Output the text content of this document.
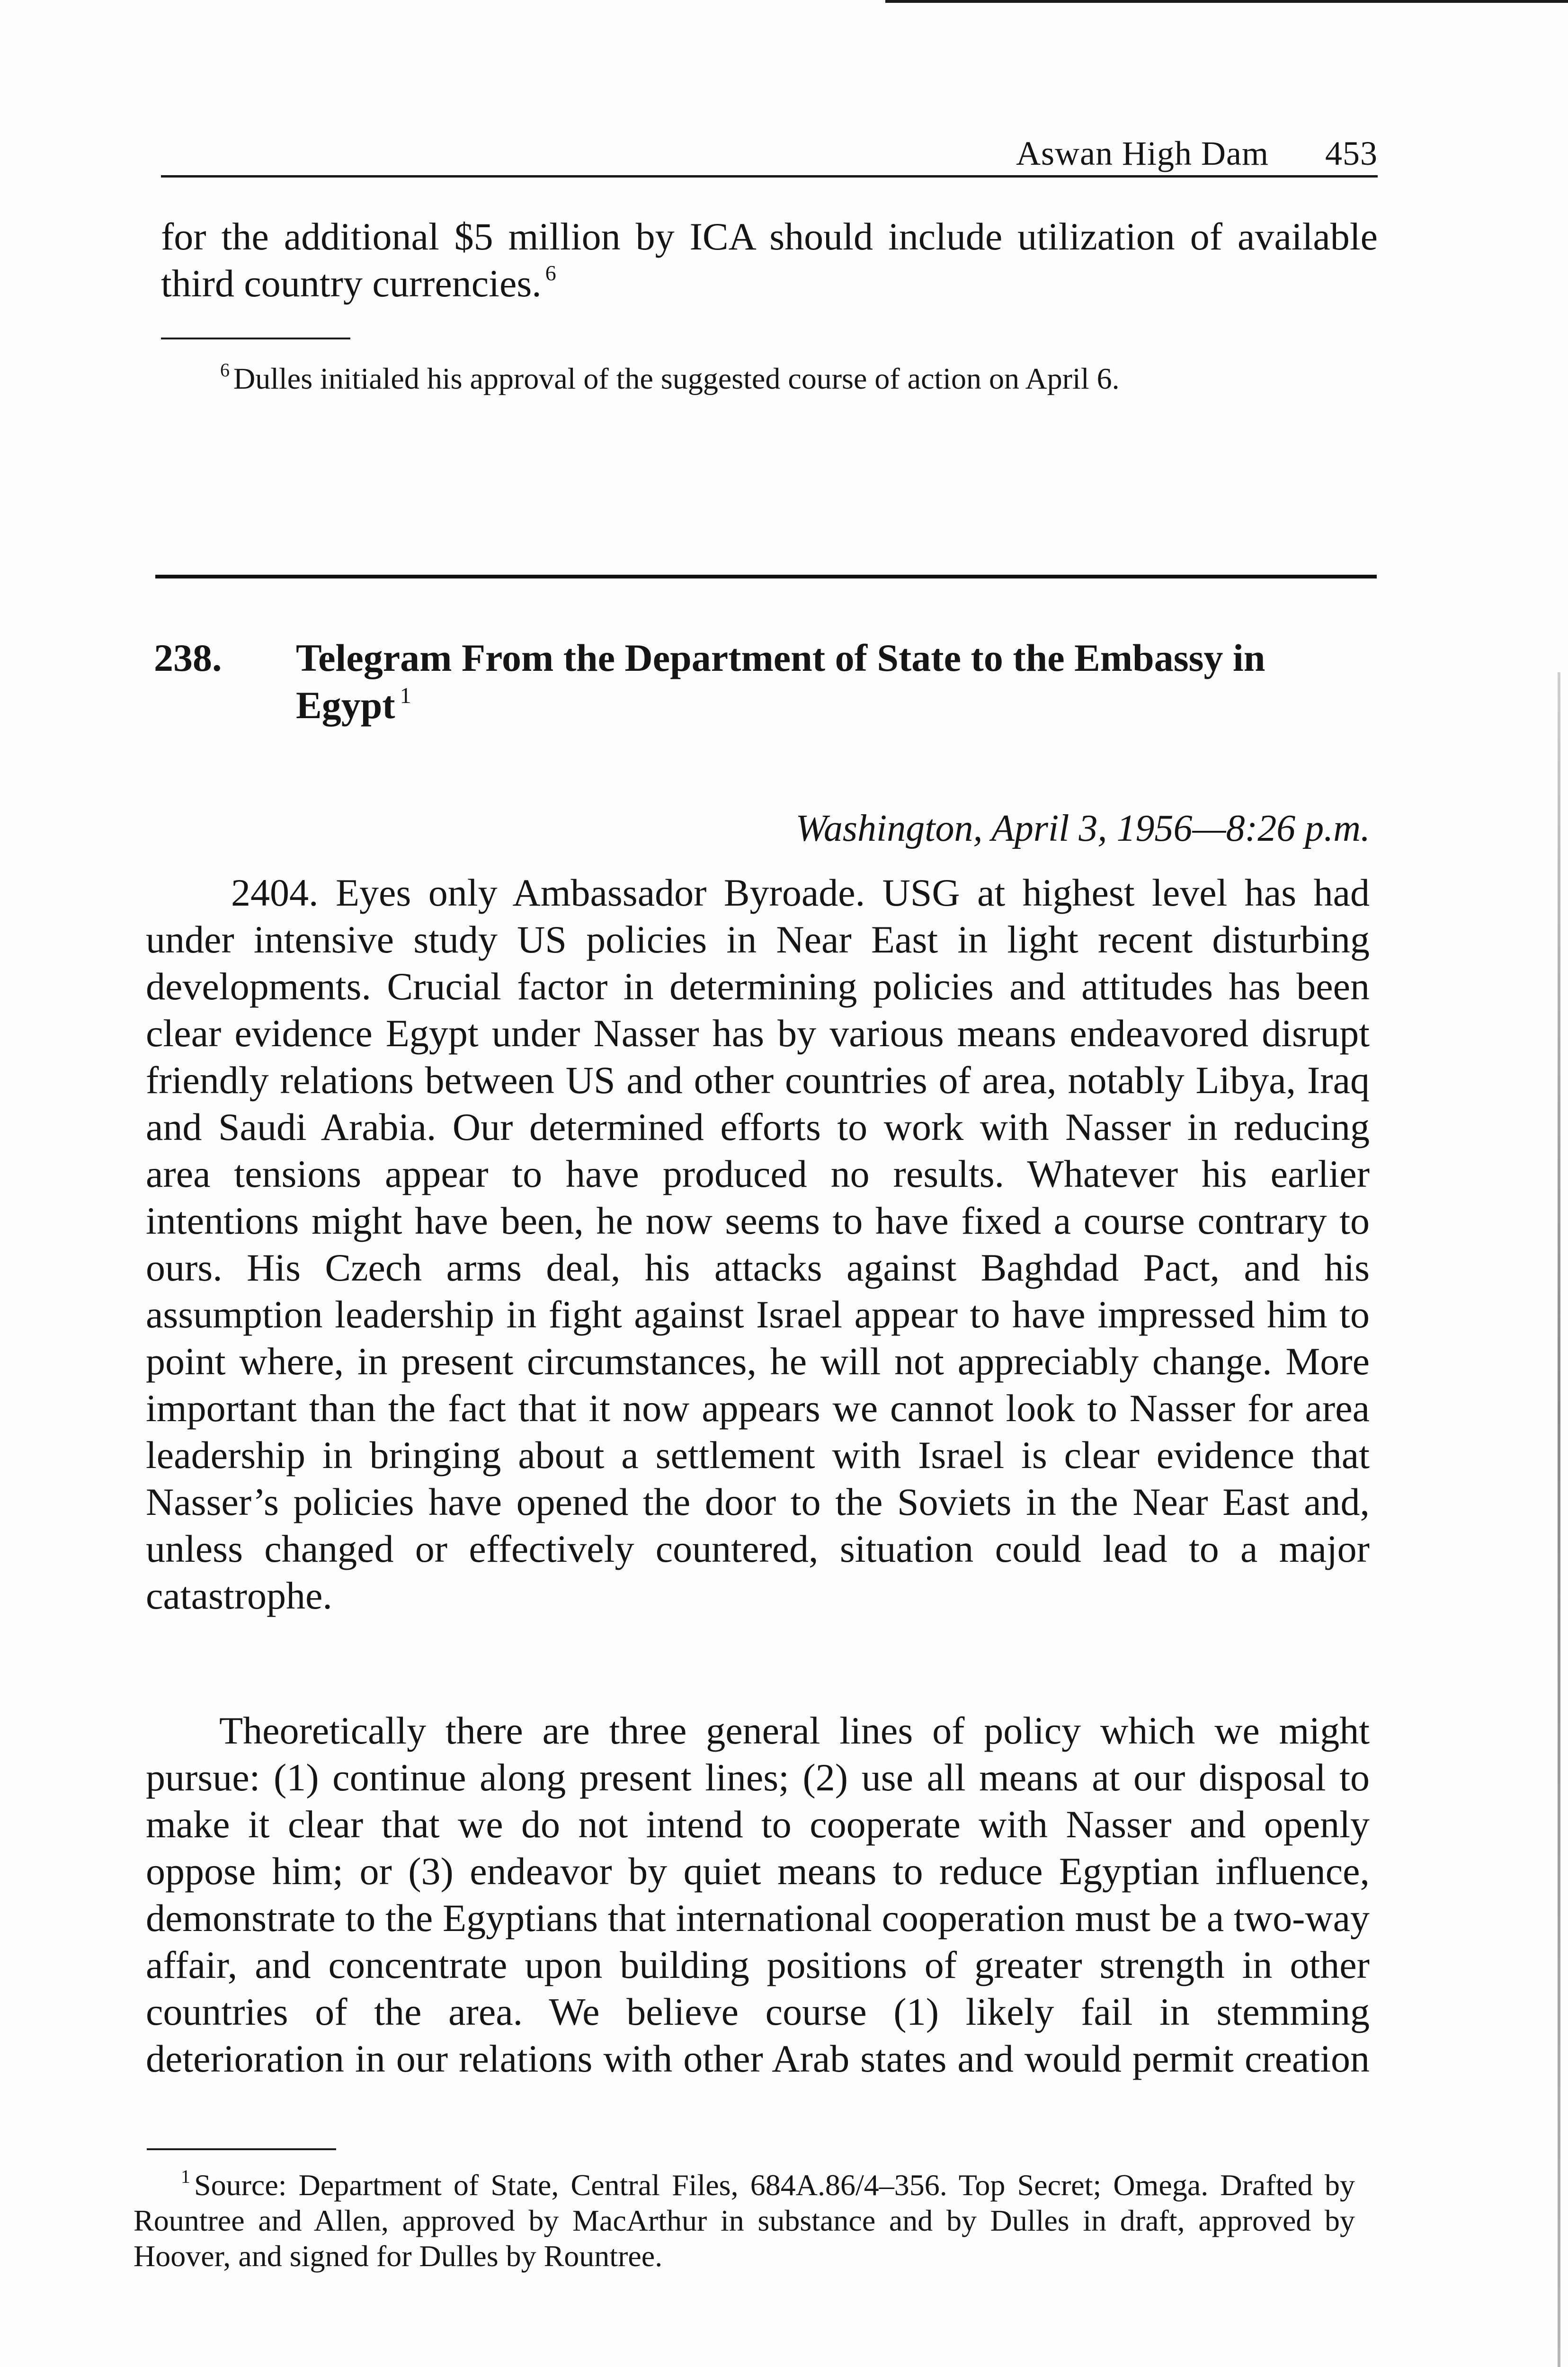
Aswan High Dam 453

for the additional $5 million by ICA should include utilization of available third country currencies. $^6$

$^6$ Dulles initialed his approval of the suggested course of action on April 6.

238. Telegram From the Department of State to the Embassy in Egypt $^1$
Washington, April 3, 1956—8:26 p.m.

2404. Eyes only Ambassador Byroade. USG at highest level has had under intensive study US policies in Near East in light recent disturbing developments. Crucial factor in determining policies and attitudes has been clear evidence Egypt under Nasser has by various means endeavored disrupt friendly relations between US and other countries of area, notably Libya, Iraq and Saudi Arabia. Our determined efforts to work with Nasser in reducing area tensions appear to have produced no results. Whatever his earlier intentions might have been, he now seems to have fixed a course contrary to ours. His Czech arms deal, his attacks against Baghdad Pact, and his assumption leadership in fight against Israel appear to have impressed him to point where, in present circumstances, he will not appreciably change. More important than the fact that it now appears we cannot look to Nasser for area leadership in bringing about a settlement with Israel is clear evidence that Nasser’s policies have opened the door to the Soviets in the Near East and, unless changed or effectively countered, situation could lead to a major catastrophe.

Theoretically there are three general lines of policy which we might pursue: (1) continue along present lines; (2) use all means at our disposal to make it clear that we do not intend to cooperate with Nasser and openly oppose him; or (3) endeavor by quiet means to reduce Egyptian influence, demonstrate to the Egyptians that international cooperation must be a two-way affair, and concentrate upon building positions of greater strength in other countries of the area. We believe course (1) likely fail in stemming deterioration in our relations with other Arab states and would permit creation

$^1$ Source: Department of State, Central Files, 684A.86/4–356. Top Secret; Omega. Drafted by Rountree and Allen, approved by MacArthur in substance and by Dulles in draft, approved by Hoover, and signed for Dulles by Rountree.
